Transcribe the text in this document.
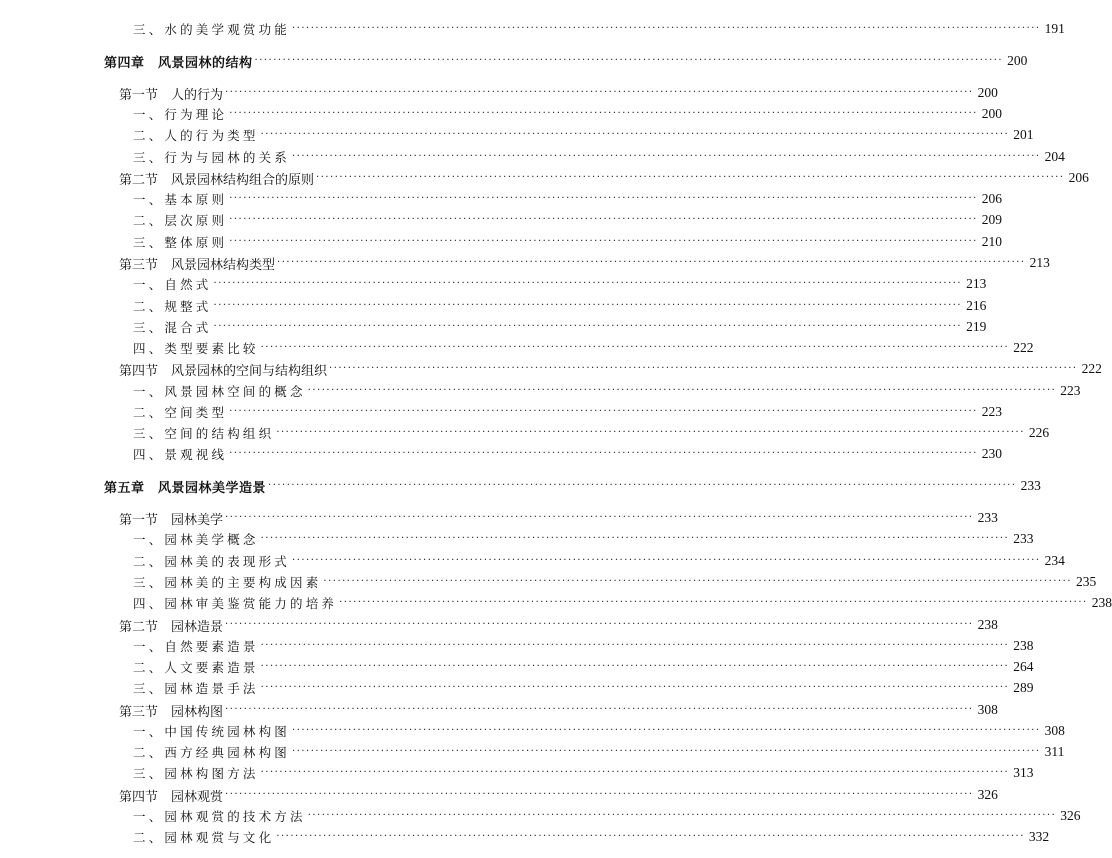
三、水的美学观赏功能 ································································································································································ 191
第四章　风景园林的结构 ································································································································································ 200
第一节　人的行为 ································································································································································ 200
一、行为理论 ································································································································································ 200
二、人的行为类型 ································································································································································ 201
三、行为与园林的关系 ································································································································································ 204
第二节　风景园林结构组合的原则 ································································································································································ 206
一、基本原则 ································································································································································ 206
二、层次原则 ································································································································································ 209
三、整体原则 ································································································································································ 210
第三节　风景园林结构类型 ································································································································································ 213
一、自然式 ································································································································································ 213
二、规整式 ································································································································································ 216
三、混合式 ································································································································································ 219
四、类型要素比较 ································································································································································ 222
第四节　风景园林的空间与结构组织 ································································································································································ 222
一、风景园林空间的概念 ································································································································································ 223
二、空间类型 ································································································································································ 223
三、空间的结构组织 ································································································································································ 226
四、景观视线 ································································································································································ 230
第五章　风景园林美学造景 ································································································································································ 233
第一节　园林美学 ································································································································································ 233
一、园林美学概念 ································································································································································ 233
二、园林美的表现形式 ································································································································································ 234
三、园林美的主要构成因素 ································································································································································ 235
四、园林审美鉴赏能力的培养 ································································································································································ 238
第二节　园林造景 ································································································································································ 238
一、自然要素造景 ································································································································································ 238
二、人文要素造景 ································································································································································ 264
三、园林造景手法 ································································································································································ 289
第三节　园林构图 ································································································································································ 308
一、中国传统园林构图 ································································································································································ 308
二、西方经典园林构图 ································································································································································ 311
三、园林构图方法 ································································································································································ 313
第四节　园林观赏 ································································································································································ 326
一、园林观赏的技术方法 ································································································································································ 326
二、园林观赏与文化 ································································································································································ 332
